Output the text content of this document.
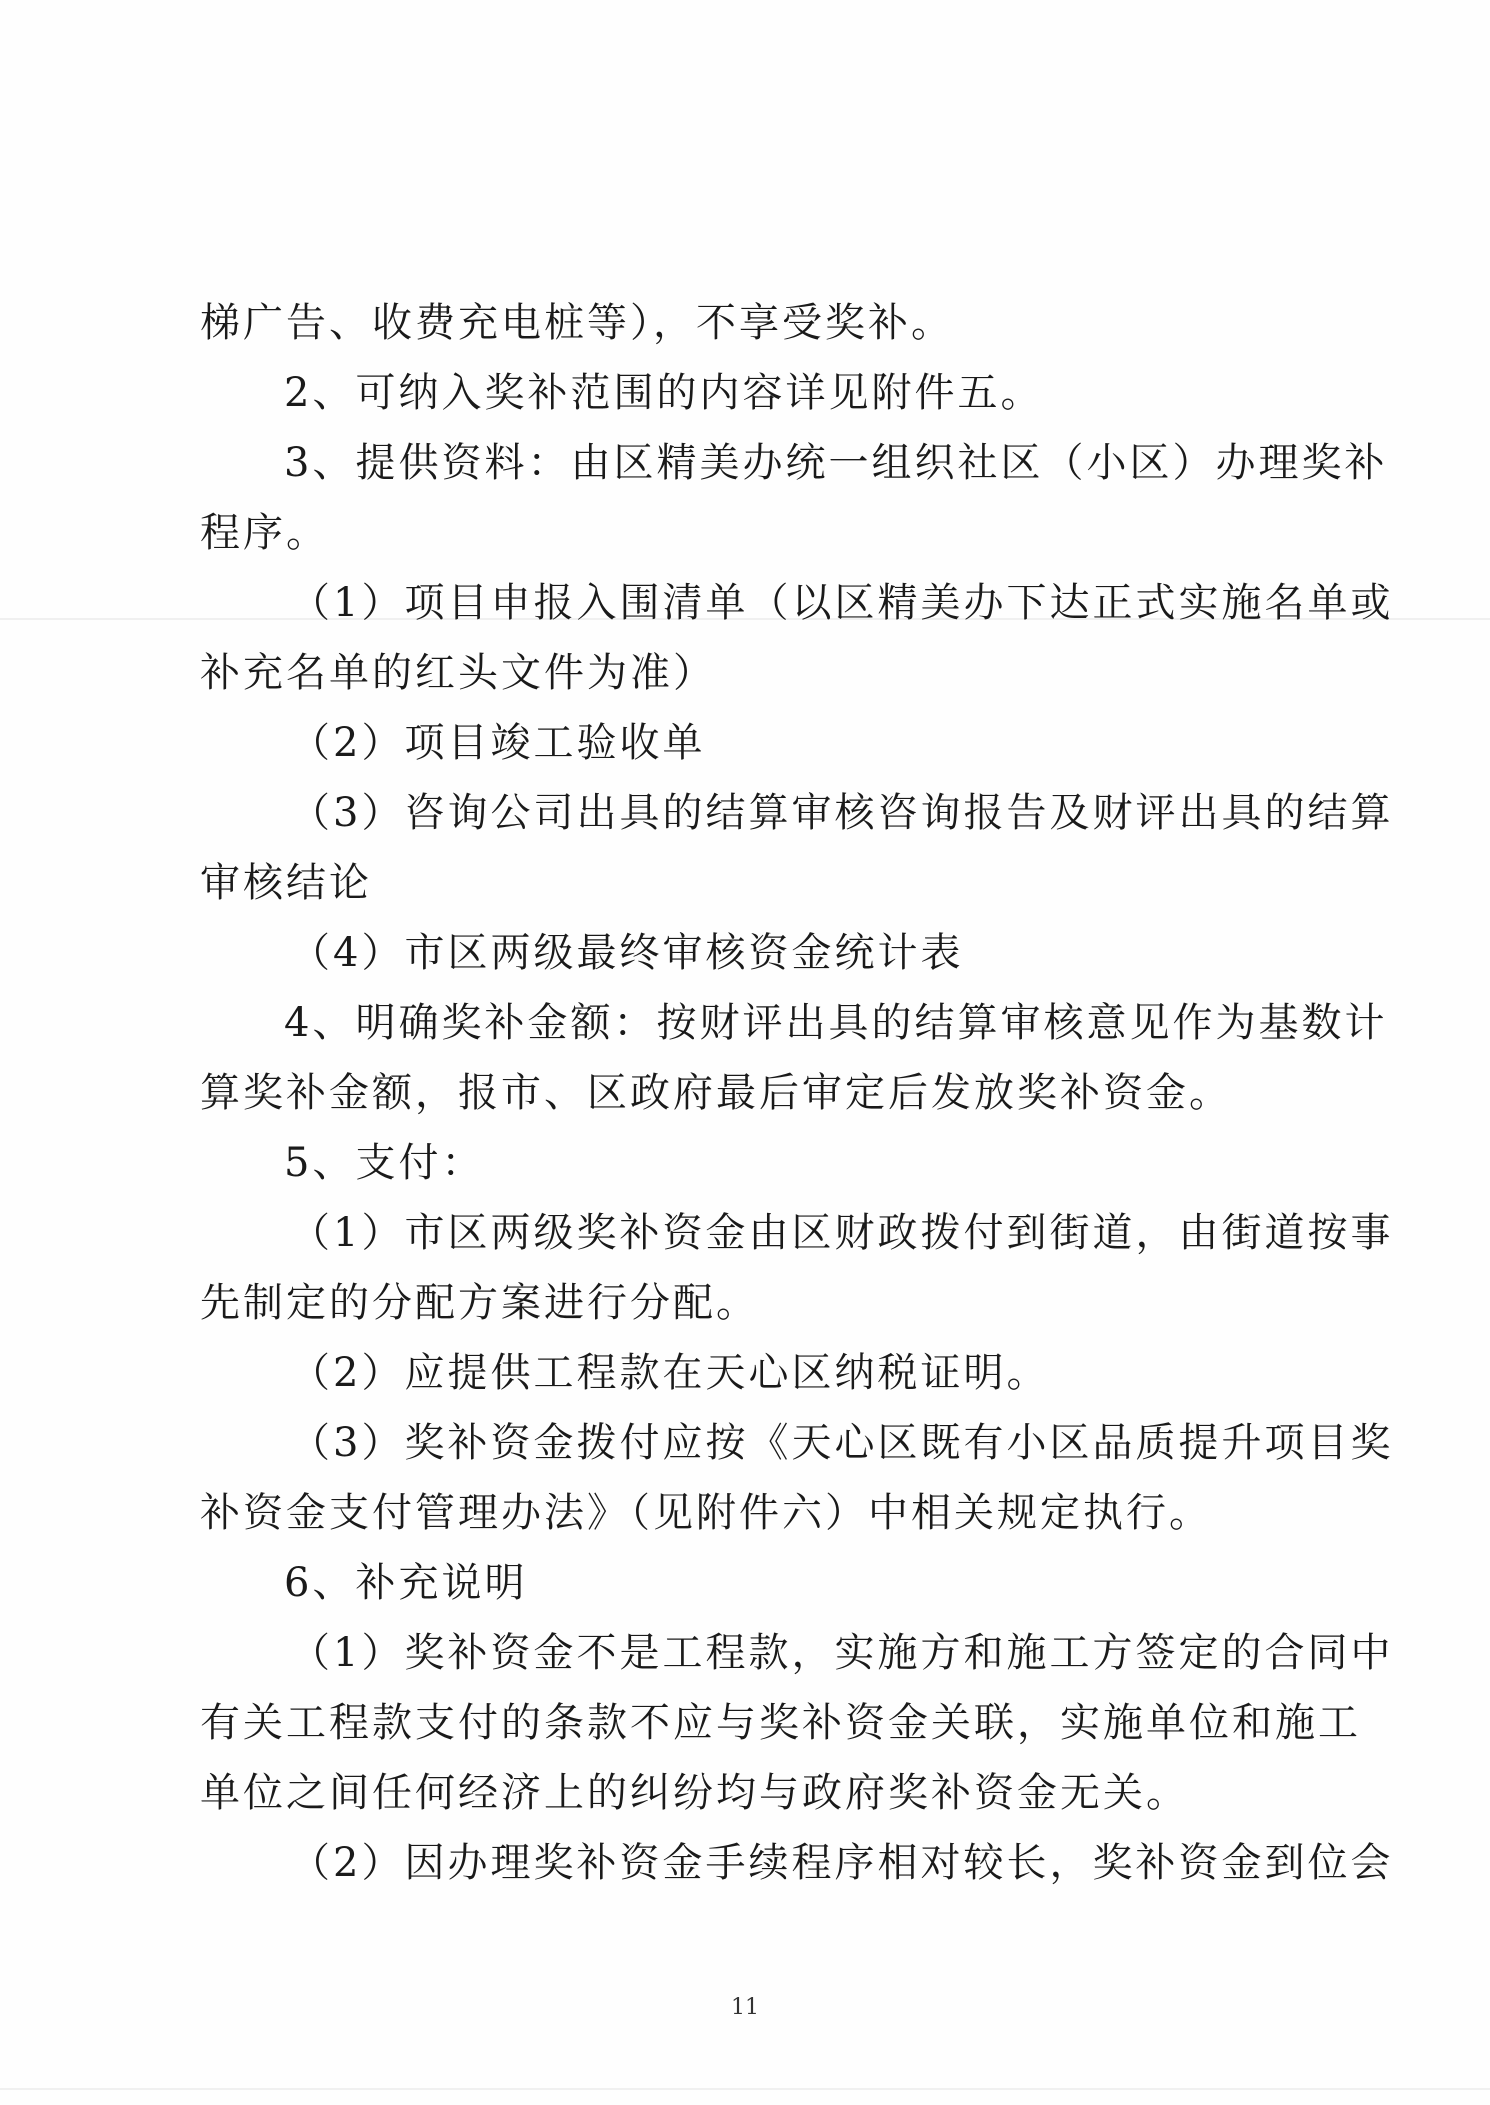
梯广告、收费充电桩等），不享受奖补。
2、可纳入奖补范围的内容详见附件五。
3、提供资料：由区精美办统一组织社区（小区）办理奖补
程序。
（1）项目申报入围清单（以区精美办下达正式实施名单或
补充名单的红头文件为准）
（2）项目竣工验收单
（3）咨询公司出具的结算审核咨询报告及财评出具的结算
审核结论
（4）市区两级最终审核资金统计表
4、明确奖补金额：按财评出具的结算审核意见作为基数计
算奖补金额，报市、区政府最后审定后发放奖补资金。
5、支付：
（1）市区两级奖补资金由区财政拨付到街道，由街道按事
先制定的分配方案进行分配。
（2）应提供工程款在天心区纳税证明。
（3）奖补资金拨付应按《天心区既有小区品质提升项目奖
补资金支付管理办法》（见附件六）中相关规定执行。
6、补充说明
（1）奖补资金不是工程款，实施方和施工方签定的合同中
有关工程款支付的条款不应与奖补资金关联，实施单位和施工
单位之间任何经济上的纠纷均与政府奖补资金无关。
（2）因办理奖补资金手续程序相对较长，奖补资金到位会
11
